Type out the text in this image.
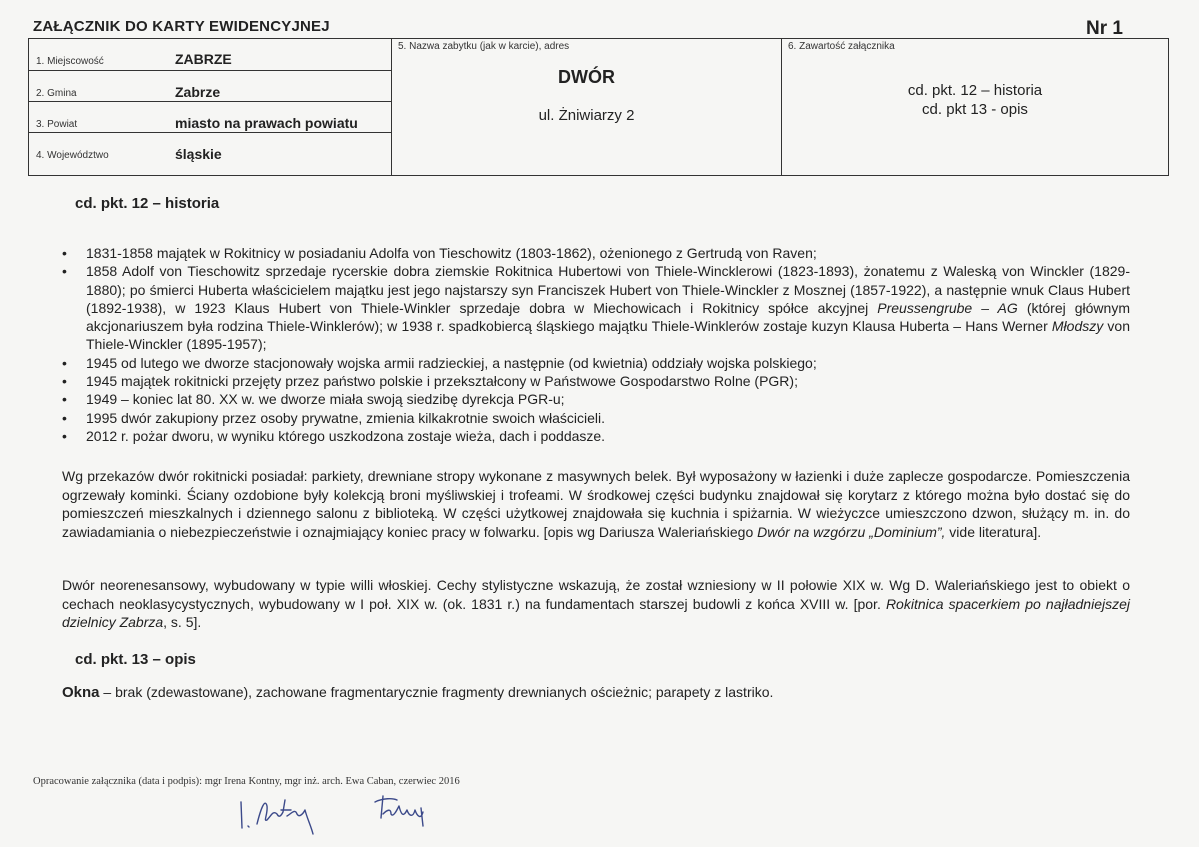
ZAŁĄCZNIK DO KARTY EWIDENCYJNEJ	Nr 1
1. Miejscowość	ZABRZE
2. Gmina	Zabrze
3. Powiat	miasto na prawach powiatu
4. Województwo	śląskie
5. Nazwa zabytku (jak w karcie), adres
DWÓR
ul. Żniwiarzy 2
6. Zawartość załącznika
cd. pkt. 12 – historia
cd. pkt 13 - opis
cd. pkt. 12 – historia
• 1831-1858 majątek w Rokitnicy w posiadaniu Adolfa von Tieschowitz (1803-1862), ożenionego z Gertrudą von Raven;
• 1858 Adolf von Tieschowitz sprzedaje rycerskie dobra ziemskie Rokitnica Hubertowi von Thiele-Wincklerowi (1823-1893), żonatemu z Waleską von Winckler (1829-1880); po śmierci Huberta właścicielem majątku jest jego najstarszy syn Franciszek Hubert von Thiele-Winckler z Mosznej (1857-1922), a następnie wnuk Claus Hubert (1892-1938), w 1923 Klaus Hubert von Thiele-Winkler sprzedaje dobra w Miechowicach i Rokitnicy spółce akcyjnej Preussengrube – AG (której głównym akcjonariuszem była rodzina Thiele-Winklerów); w 1938 r. spadkobiercą śląskiego majątku Thiele-Winklerów zostaje kuzyn Klausa Huberta – Hans Werner Młodszy von Thiele-Winckler (1895-1957);
• 1945 od lutego we dworze stacjonowały wojska armii radzieckiej, a następnie (od kwietnia) oddziały wojska polskiego;
• 1945 majątek rokitnicki przejęty przez państwo polskie i przekształcony w Państwowe Gospodarstwo Rolne (PGR);
• 1949 – koniec lat 80. XX w. we dworze miała swoją siedzibę dyrekcja PGR-u;
• 1995 dwór zakupiony przez osoby prywatne, zmienia kilkakrotnie swoich właścicieli.
• 2012 r. pożar dworu, w wyniku którego uszkodzona zostaje wieża, dach i poddasze.

Wg przekazów dwór rokitnicki posiadał: parkiety, drewniane stropy wykonane z masywnych belek. Był wyposażony w łazienki i duże zaplecze gospodarcze. Pomieszczenia ogrzewały kominki. Ściany ozdobione były kolekcją broni myśliwskiej i trofeami. W środkowej części budynku znajdował się korytarz z którego można było dostać się do pomieszczeń mieszkalnych i dziennego salonu z biblioteką. W części użytkowej znajdowała się kuchnia i spiżarnia. W wieżyczce umieszczono dzwon, służący m. in. do zawiadamiania o niebezpieczeństwie i oznajmiający koniec pracy w folwarku. [opis wg Dariusza Waleriańskiego Dwór na wzgórzu „Dominium”, vide literatura].

Dwór neorenesansowy, wybudowany w typie willi włoskiej. Cechy stylistyczne wskazują, że został wzniesiony w II połowie XIX w. Wg D. Waleriańskiego jest to obiekt o cechach neoklasycystycznych, wybudowany w I poł. XIX w. (ok. 1831 r.) na fundamentach starszej budowli z końca XVIII w. [por. Rokitnica spacerkiem po najładniejszej dzielnicy Zabrza, s. 5].

cd. pkt. 13 – opis
Okna – brak (zdewastowane), zachowane fragmentarycznie fragmenty drewnianych ościeżnic; parapety z lastriko.
Opracowanie załącznika (data i podpis): mgr Irena Kontny, mgr inż. arch. Ewa Caban, czerwiec 2016
